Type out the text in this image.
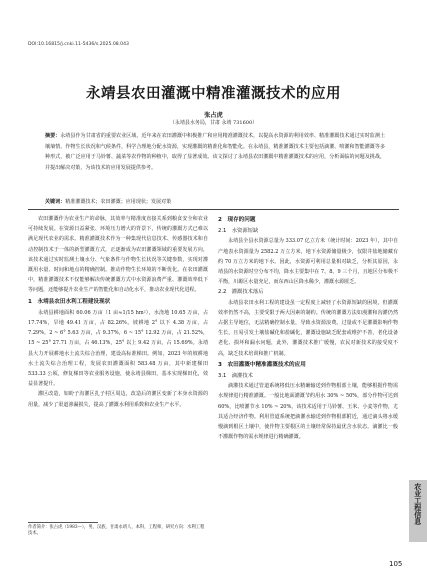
DOI:10.16815/j.cnki.11-5436/s.2025.08.043
永靖县农田灌溉中精准灌溉技术的应用
张占虎
（永靖县水务局，甘肃 永靖 731600）

摘要：永靖县作为甘肃省的重要农业区域，近年来在农田灌溉中积极推广和应用精准灌溉技术，以提高水资源的利用效率、精准灌溉技术通过实时监测土壤墒情、作物生长状况和气候条件，科学合理地分配水资源，实现灌溉的精准化和智能化。在永靖县，精准灌溉技术主要包括滴灌、喷灌和智能灌溉等多种形式，被广泛应用于马铃薯、蔬菜等农作物的种植中，取得了显著成效。该文探讨了永靖县农田灌溉中精准灌溉技术的应用，分析面临的问题及挑战，并提出解决对策，为该技术的应用发展提供参考。

关键词：精准灌溉技术；农田灌溉；应用现状；发展对策

农田灌溉作为农业生产的命脉，其效率与精准度直接关系到粮食安全和农业可持续发展。在资源日益紧张、环境压力增大的背景下，传统的灌溉方式已难以满足现代农业的需求。精准灌溉技术作为一种集现代信息技术、传感器技术和自动控制技术于一体的新型灌溉方式，正逐渐成为农田灌溉领域的重要发展方向，该技术通过实时监测土壤水分、气象条件与作物生长状况等关键参数，实现对灌溉用水量、时间和地点的精确控制。推动作物生长环境的不断优化。在农田灌溉中，精准灌溉技术不仅能够解决传统灌溉方式中水资源浪费严重、灌溉效率低下等问题，还能够提升农业生产的智能化和自动化水平，推动农业现代化进程。

1　永靖县农田水利工程建设现状

永靖县耕地面积 60.06 万亩（1 亩≈1/15 hm²），水浇地 10.65 万亩，占 17.74%，旱地 49.41 万亩，占 82.26%。坡耕地 2° 以下 4.38 万亩，占 7.29%，2 ~ 6° 5.63 万亩，占 9.37%，6 ~ 15° 12.92 万亩，占 21.52%，15 ~ 25° 27.71 万亩，占 46.13%，25° 以上 9.42 万亩，占 15.69%。永靖县大力开展耕地水土流失综合治理，建设高标准梯田。例如，2023 年的坡耕地水土流失综合治理工程，发展农田灌溉面积 583.48 万亩，其中新建梯田 533.33 公顷，修复梯田等农业服务设施，使永靖县梯田，基本实现梯田化，效益显著提升。

灌区改造，如盼子沟灌区扎子村区周边，改造后的灌区变新了本身水资源的用量，减少了渠道渗漏损失，提高了灌溉水利用系数和农业生产水平。

2　现存的问题

2.1　水资源短缺

永靖县全县水资源总量为 333.07 亿立方米（统计时间：2023 年），其中自产地表水资源量为 2582.2 万立方米，地下水资源储量极少，仅限井盐地储藏有约 70 万立方米的地下水。因此，水资源可利用总量相对缺乏，分析其原因，永靖县的水资源时空分布不均，降水主要集中在 7、8、9 三个月，且地区分布极不平衡，川塬区水量充足，而东西山区降水稀少，灌溉水源匮乏。

2.2　灌溉技术落后

永靖县农田水利工程的建设虽一定程度上减轻了水资源短缺的困境，但灌溉效率仍然不高，主要受限于两大因素的制约。传统的灌溉方法如漫灌和沟灌仍然占据主导地位，无法精确控制水量，导致水资源浪费。过量或不足灌溉影响作物生长，且易引发土壤盐碱化和盐碱化，灌溉设施缺乏配套或维护不善，老化设备老化、损坏和漏水问题，此外，灌溉技术推广缓慢，农民对新技术的接受度不高，缺乏技术培训和推广机制。

3　农田灌溉中精准灌溉技术的应用

3.1　滴灌技术

滴灌技术通过管道系统将低压水精确输送到作物根部土壤，能够根据作物需水规律进行精准灌溉。一般比地面灌溉节约用水 30% ~ 50%，部分作物可达到 60%，比喷灌节水 10% ~ 20%。该技术适用于马铃薯、玉米、小麦等作物，尤其适合经济作物。利用管道系统把滴灌水输送到作物根部附近，通过滴头将水缓慢滴到根区土壤中，使作物主要根区的土壤经常保持最优含水状态。滴灌比一般不灌溉作物的需水规律进行精确灌溉。

作者简介：张占虎（1983—），男，汉族，甘肃永靖人，本科，工程师，研究方向：水利工程技术。
农业工程信息
105
